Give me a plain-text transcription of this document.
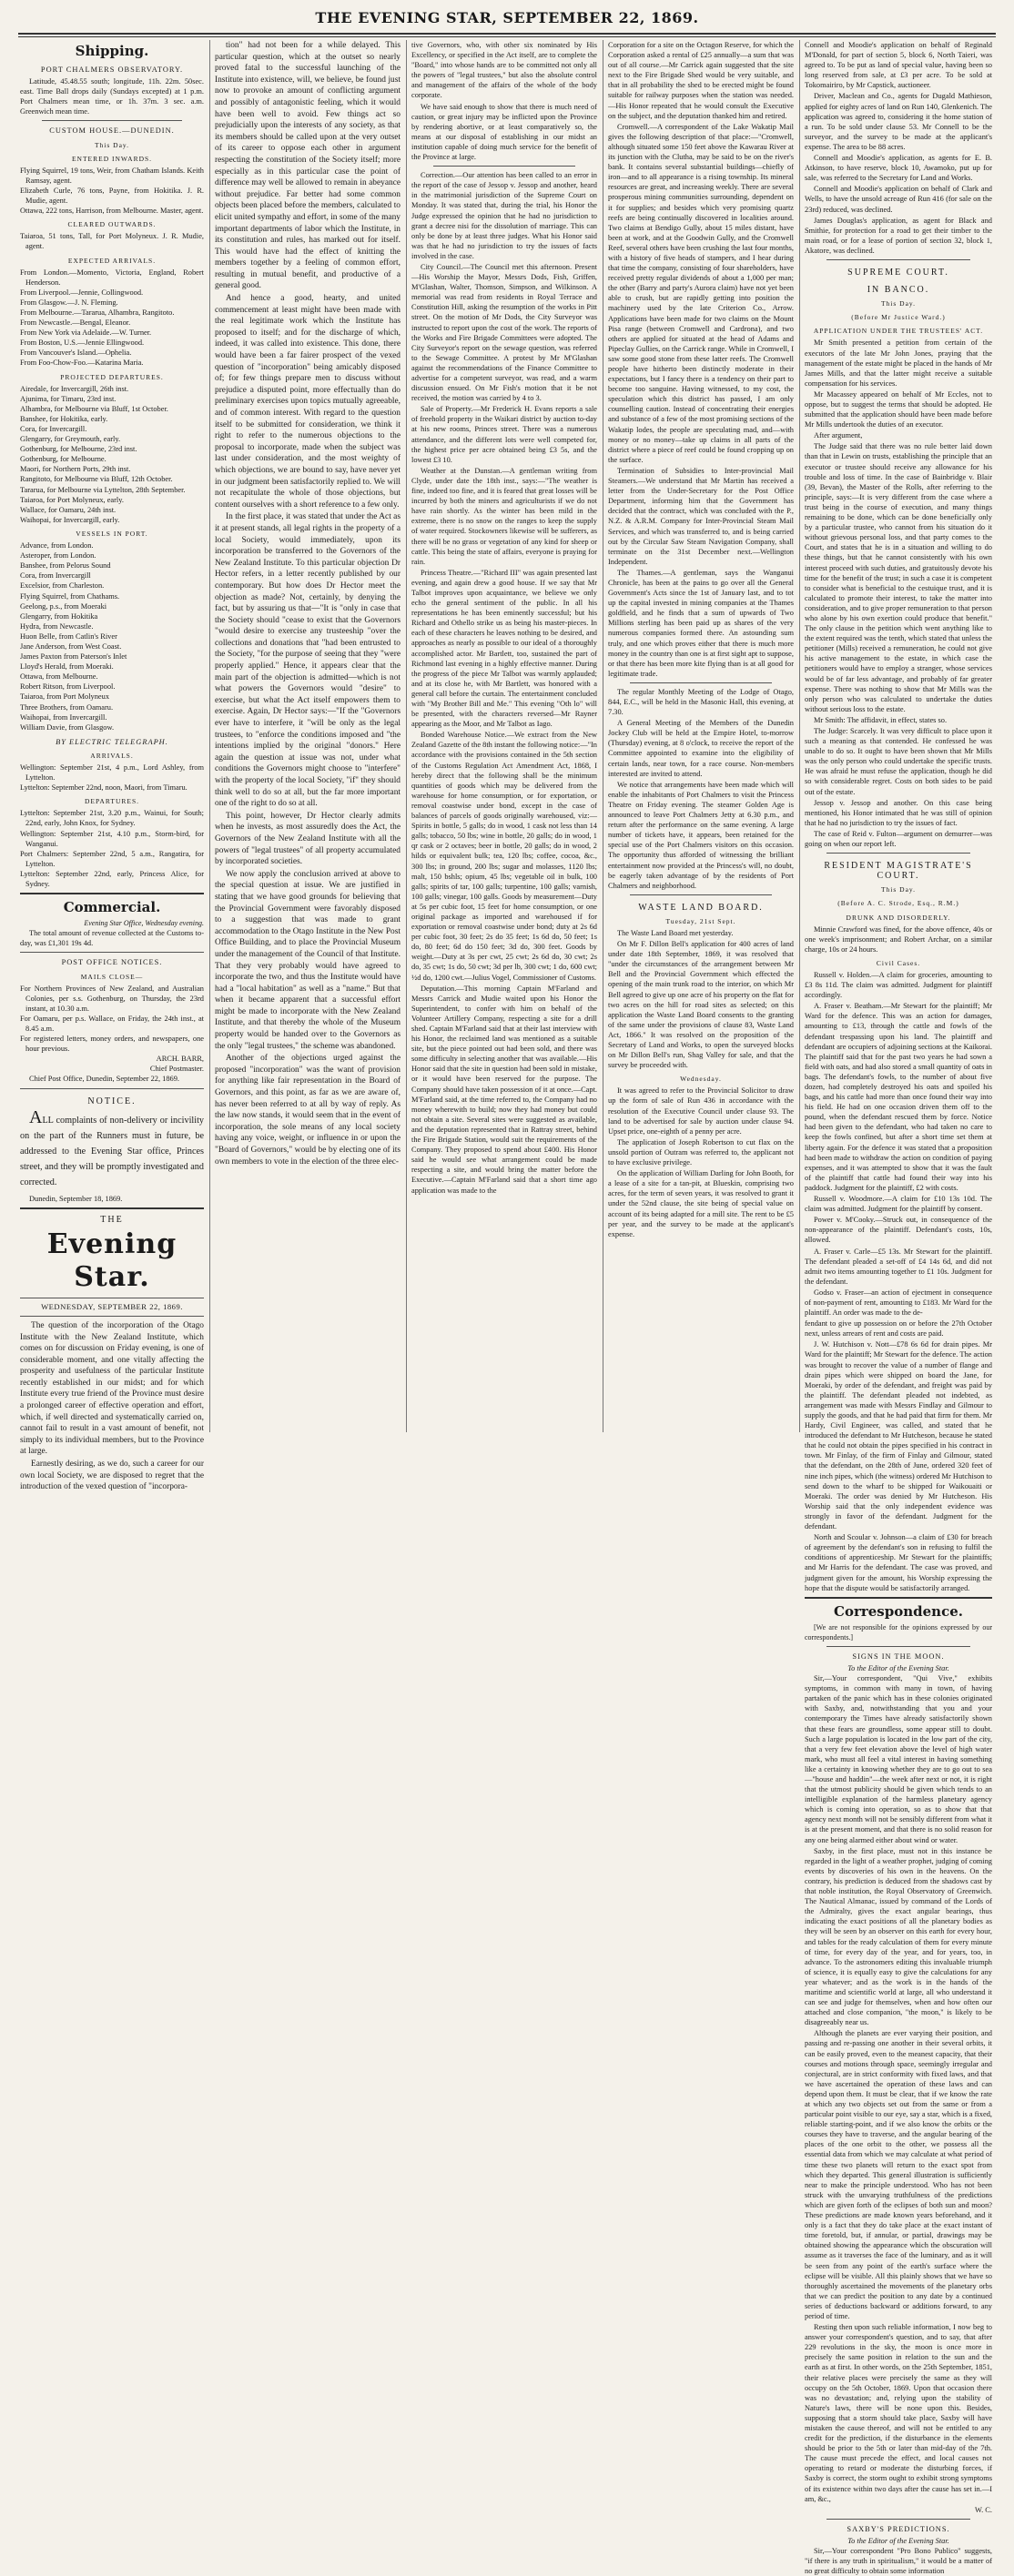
THE EVENING STAR, SEPTEMBER 22, 1869.
Shipping.
PORT CHALMERS OBSERVATORY.

Latitude, 45.48.55 south; longitude, 11h. 22m. 50sec. east. Time Ball drops daily (Sundays excepted) at 1 p.m. Port Chalmers mean time, or 1h. 37m. 3 sec. a.m. Greenwich mean time.

CUSTOM HOUSE.—DUNEDIN.
This Day.
ENTERED INWARDS.
Flying Squirrel, 19 tons, Weir, from Chatham Islands. Keith Ramsay, agent.
Elizabeth Curle, 76 tons, Payne, from Hokitika. J. R. Mudie, agent.
Ottawa, 222 tons, Harrison, from Melbourne. Master, agent.
CLEARED OUTWARDS.
Taiaroa, 51 tons, Tall, for Port Molyneux. J. R. Mudie, agent.
EXPECTED ARRIVALS.
From London.—Momento, Victoria, England, Robert Henderson.
From Liverpool.—Jennie, Collingwood.
From Glasgow.—J. N. Fleming.
From Melbourne.—Tararua, Alhambra, Rangitoto.
From Newcastle.—Bengal, Eleanor.
From New York via Adelaide.—W. Turner.
From Boston, U.S.—Jennie Ellingwood.
From Vancouver's Island.—Ophelia.
From Foo-Chow-Foo.—Katarina Maria.
PROJECTED DEPARTURES.
Airedale, for Invercargill, 26th inst.
Ajunima, for Timaru, 23rd inst.
Alhambra, for Melbourne via Bluff, 1st October.
Banshee, for Hokitika, early.
Cora, for Invercargill.
Glengarry, for Greymouth, early.
Gothenburg, for Melbourne, 23rd inst.
Gothenburg, for Melbourne.
Maori, for Northern Ports, 29th inst.
Rangitoto, for Melbourne via Bluff, 12th October.
Tararua, for Melbourne via Lyttelton, 28th September.
Taiaroa, for Port Molyneux, early.
Wallace, for Oamaru, 24th inst.
Waihopai, for Invercargill, early.
VESSELS IN PORT.
Advance, from London.
Asteroper, from London.
Banshee, from Pelorus Sound
Cora, from Invercargill
Excelsior, from Charleston.
Flying Squirrel, from Chathams.
Geelong, p.s., from Moeraki
Glengarry, from Hokitika
Hydra, from Newcastle.
Huon Belle, from Catlin's River
Jane Anderson, from West Coast.
James Paxton from Paterson's Inlet
Lloyd's Herald, from Moeraki.
Ottawa, from Melbourne.
Robert Ritson, from Liverpool.
Taiaroa, from Port Molyneux
Three Brothers, from Oamaru.
Waihopai, from Invercargill.
William Davie, from Glasgow.
BY ELECTRIC TELEGRAPH.
ARRIVALS.
Wellington: September 21st, 4 p.m., Lord Ashley, from Lyttelton.
Lyttelton: September 22nd, noon, Maori, from Timaru.
DEPARTURES.
Lyttelton: September 21st, 3.20 p.m., Wainui, for South; 22nd, early, John Knox, for Sydney.
Wellington: September 21st, 4.10 p.m., Storm-bird, for Wanganui.
Port Chalmers: September 22nd, 5 a.m., Rangatira, for Lyttelton.
Lyttelton: September 22nd, early, Princess Alice, for Sydney.
Commercial.
Evening Star Office, Wednesday evening.

The total amount of revenue collected at the Customs to-day, was £1,301 19s 4d.

POST OFFICE NOTICES.
MAILS CLOSE—
For Northern Provinces of New Zealand, and Australian Colonies, per s.s. Gothenburg, on Thursday, the 23rd instant, at 10.30 a.m.
For Oamaru, per p.s. Wallace, on Friday, the 24th inst., at 8.45 a.m.
For registered letters, money orders, and newspapers, one hour previous.
ARCH. BARR,
Chief Postmaster.

Chief Post Office, Dunedin, September 22, 1869.

NOTICE.
ALL complaints of non-delivery or incivility on the part of the Runners must in future, be addressed to the Evening Star office, Princes street, and they will be promptly investigated and corrected.

Dunedin, September 18, 1869.

THE
Evening Star.
WEDNESDAY, SEPTEMBER 22, 1869.

The question of the incorporation of the Otago Institute with the New Zealand Institute, which comes on for discussion on Friday evening, is one of considerable moment, and one vitally affecting the prosperity and usefulness of the particular Institute recently established in our midst; and for which Institute every true friend of the Province must desire a prolonged career of effective operation and effort, which, if well directed and systematically carried on, cannot fail to result in a vast amount of benefit, not simply to its individual members, but to the Province at large.

Earnestly desiring, as we do, such a career for our own local Society, we are disposed to regret that the introduction of the vexed question of "incorpora-

tion" had not been for a while delayed. This particular question, which at the outset so nearly proved fatal to the successful launching of the Institute into existence, will, we believe, be found just now to provoke an amount of conflicting argument and possibly of antagonistic feeling, which it would have been well to avoid. Few things act so prejudicially upon the interests of any society, as that its members should be called upon at the very outset of its career to oppose each other in argument respecting the constitution of the Society itself; more especially as in this particular case the point of difference may well be allowed to remain in abeyance without prejudice. Far better had some common objects been placed before the members, calculated to elicit united sympathy and effort, in some of the many important departments of labor which the Institute, in its constitution and rules, has marked out for itself. This would have had the effect of knitting the members together by a feeling of common effort, resulting in mutual benefit, and productive of a general good.

And hence a good, hearty, and united commencement at least might have been made with the real legitimate work which the Institute has proposed to itself; and for the discharge of which, indeed, it was called into existence. This done, there would have been a far fairer prospect of the vexed question of "incorporation" being amicably disposed of; for few things prepare men to discuss without prejudice a disputed point, more effectually than do preliminary exercises upon topics mutually agreeable, and of common interest. With regard to the question itself to be submitted for consideration, we think it right to refer to the numerous objections to the proposal to incorporate, made when the subject was last under consideration, and the most weighty of which objections, we are bound to say, have never yet in our judgment been satisfactorily replied to. We will not recapitulate the whole of those objections, but content ourselves with a short reference to a few only.

In the first place, it was stated that under the Act as it at present stands, all legal rights in the property of a local Society, would immediately, upon its incorporation be transferred to the Governors of the New Zealand Institute. To this particular objection Dr Hector refers, in a letter recently published by our contemporary. But how does Dr Hector meet the objection as made? Not, certainly, by denying the fact, but by assuring us that—"It is "only in case that the Society should "cease to exist that the Governors "would desire to exercise any trusteeship "over the collections and donations that "had been entrusted to the Society, "for the purpose of seeing that they "were properly applied." Hence, it appears clear that the main part of the objection is admitted—which is not what powers the Governors would "desire" to exercise, but what the Act itself empowers them to exercise. Again, Dr Hector says:—"If the "Governors ever have to interfere, it "will be only as the legal trustees, to "enforce the conditions imposed and "the intentions implied by the original "donors." Here again the question at issue was not, under what conditions the Governors might choose to "interfere" with the property of the local Society, "if" they should think well to do so at all, but the far more important one of the right to do so at all.

This point, however, Dr Hector clearly admits when he invests, as most assuredly does the Act, the Governors of the New Zealand Institute with all the powers of "legal trustees" of all property accumulated by incorporated societies.

We now apply the conclusion arrived at above to the special question at issue. We are justified in stating that we have good grounds for believing that the Provincial Government were favorably disposed to a suggestion that was made to grant accommodation to the Otago Institute in the New Post Office Building, and to place the Provincial Museum under the management of the Council of that Institute. That they very probably would have agreed to incorporate the two, and thus the Institute would have had a "local habitation" as well as a "name." But that when it became apparent that a successful effort might be made to incorporate with the New Zealand Institute, and that thereby the whole of the Museum property would be handed over to the Governors as the only "legal trustees," the scheme was abandoned.

Another of the objections urged against the proposed "incorporation" was the want of provision for anything like fair representation in the Board of Governors, and this point, as far as we are aware of, has never been referred to at all by way of reply. As the law now stands, it would seem that in the event of incorporation, the sole means of any local society having any voice, weight, or influence in or upon the "Board of Governors," would be by electing one of its own members to vote in the election of the three elec-

tive Governors, who, with other six nominated by His Excellency, or specified in the Act itself, are to complete the "Board," into whose hands are to be committed not only all the powers of "legal trustees," but also the absolute control and management of the affairs of the whole of the body corporate.

We have said enough to show that there is much need of caution, or great injury may be inflicted upon the Province by rendering abortive, or at least comparatively so, the means at our disposal of establishing in our midst an institution capable of doing much service for the benefit of the Province at large.

Correction.—Our attention has been called to an error in the report of the case of Jessop v. Jessop and another, heard in the matrimonial jurisdiction of the Supreme Court on Monday. It was stated that, during the trial, his Honor the Judge expressed the opinion that he had no jurisdiction to grant a decree nisi for the dissolution of marriage. This can only be done by at least three judges. What his Honor said was that he had no jurisdiction to try the issues of facts involved in the case.

City Council.—The Council met this afternoon. Present—His Worship the Mayor, Messrs Dods, Fish, Griffen, M'Glashan, Walter, Thomson, Simpson, and Wilkinson. A memorial was read from residents in Royal Terrace and Constitution Hill, asking the resumption of the works in Pitt street. On the motion of Mr Dods, the City Surveyor was instructed to report upon the cost of the work. The reports of the Works and Fire Brigade Committees were adopted. The City Surveyor's report on the sewage question, was referred to the Sewage Committee. A protest by Mr M'Glashan against the recommendations of the Finance Committee to advertise for a competent surveyor, was read, and a warm discussion ensued. On Mr Fish's motion that it be not received, the motion was carried by 4 to 3.

Sale of Property.—Mr Frederick H. Evans reports a sale of freehold property in the Waikari district by auction to-day at his new rooms, Princes street. There was a numerous attendance, and the different lots were well competed for, the highest price per acre obtained being £3 5s, and the lowest £3 10.

Weather at the Dunstan.—A gentleman writing from Clyde, under date the 18th inst., says:—"The weather is fine, indeed too fine, and it is feared that great losses will be incurred by both the miners and agriculturists if we do not have rain shortly. As the winter has been mild in the extreme, there is no snow on the ranges to keep the supply of water required. Stockowners likewise will be sufferers, as there will be no grass or vegetation of any kind for sheep or cattle. This being the state of affairs, everyone is praying for rain.

Princess Theatre.—"Richard III" was again presented last evening, and again drew a good house. If we say that Mr Talbot improves upon acquaintance, we believe we only echo the general sentiment of the public. In all his representations he has been eminently successful; but his Richard and Othello strike us as being his master-pieces. In each of these characters he leaves nothing to be desired, and approaches as nearly as possible to our ideal of a thoroughly accomplished actor. Mr Bartlett, too, sustained the part of Richmond last evening in a highly effective manner. During the progress of the piece Mr Talbot was warmly applauded; and at its close he, with Mr Bartlett, was honored with a general call before the curtain. The entertainment concluded with "My Brother Bill and Me." This evening "Oth lo" will be presented, with the characters reversed—Mr Rayner appearing as the Moor, and Mr Talbot as Iago.

Bonded Warehouse Notice.—We extract from the New Zealand Gazette of the 8th instant the following notice:—"In accordance with the provisions contained in the 5th section of the Customs Regulation Act Amendment Act, 1868, I hereby direct that the following shall be the minimum quantities of goods which may be delivered from the warehouse for home consumption, or for exportation, or removal coastwise under bond, except in the case of balances of parcels of goods originally warehoused, viz:—Spirits in bottle, 5 galls; do in wood, 1 cask not less than 14 galls; tobacco, 50 lbs; wine in bottle, 20 galls; do in wood, 1 qr cask or 2 octaves; beer in bottle, 20 galls; do in wood, 2 hilds or equivalent bulk; tea, 120 lbs; coffee, cocoa, &c., 300 lbs; in ground, 200 lbs; sugar and molasses, 1120 lbs; malt, 150 bshls; opium, 45 lbs; vegetable oil in bulk, 100 galls; spirits of tar, 100 galls; turpentine, 100 galls; varnish, 100 galls; vinegar, 100 galls. Goods by measurement—Duty at 5s per cubic foot, 15 feet for home consumption, or one original package as imported and warehoused if for exportation or removal coastwise under bond; duty at 2s 6d per cubic foot, 30 feet; 2s do 35 feet; 1s 6d do, 50 feet; 1s do, 80 feet; 6d do 150 feet; 3d do, 300 feet. Goods by weight.—Duty at 3s per cwt, 25 cwt; 2s 6d do, 30 cwt; 2s do, 35 cwt; 1s do, 50 cwt; 3d per lb, 300 cwt; 1 do, 600 cwt; ½d do, 1200 cwt.—Julius Vogel, Commissioner of Customs.

Deputation.—This morning Captain M'Farland and Messrs Carrick and Mudie waited upon his Honor the Superintendent, to confer with him on behalf of the Volunteer Artillery Company, respecting a site for a drill shed. Captain M'Farland said that at their last interview with his Honor, the reclaimed land was mentioned as a suitable site, but the piece pointed out had been sold, and there was some difficulty in selecting another that was available.—His Honor said that the site in question had been sold in mistake, or it would have been reserved for the purpose. The Company should have taken possession of it at once.—Capt. M'Farland said, at the time referred to, the Company had no money wherewith to build; now they had money but could not obtain a site. Several sites were suggested as available, and the deputation represented that in Rattray street, behind the Fire Brigade Station, would suit the requirements of the Company. They proposed to spend about £400. His Honor said he would see what arrangement could be made respecting a site, and would bring the matter before the Executive.—Captain M'Farland said that a short time ago application was made to the

Corporation for a site on the Octagon Reserve, for which the Corporation asked a rental of £25 annually—a sum that was out of all course.—Mr Carrick again suggested that the site next to the Fire Brigade Shed would be very suitable, and that in all probability the shed to be erected might be found suitable for railway purposes when the station was needed.—His Honor repeated that he would consult the Executive on the subject, and the deputation thanked him and retired.

Cromwell.—A correspondent of the Lake Wakatip Mail gives the following description of that place:—"Cromwell, although situated some 150 feet above the Kawarau River at its junction with the Clutha, may be said to be on the river's bank. It contains several substantial buildings—chiefly of iron—and to all appearance is a rising township. Its mineral resources are great, and increasing weekly. There are several prosperous mining communities surrounding, dependent on it for supplies; and besides which very promising quartz reefs are being continually discovered in localities around. Two claims at Bendigo Gully, about 15 miles distant, have been at work, and at the Goodwin Gully, and the Cromwell Reef, several others have been crushing the last four months, with a history of five heads of stampers, and I hear during that time the company, consisting of four shareholders, have received pretty regular dividends of about a 1,000 per man; the other (Barry and party's Aurora claim) have not yet been able to crush, but are rapidly getting into position the machinery used by the late Criterion Co., Arrow. Applications have been made for two claims on the Mount Pisa range (between Cromwell and Cardrona), and two others are applied for situated at the head of Adams and Pipeclay Gullies, on the Carrick range. While in Cromwell, I saw some good stone from these latter reefs. The Cromwell people have hitherto been distinctly moderate in their expectations, but I fancy there is a tendency on their part to become too sanguine. Having witnessed, to my cost, the speculation which this district has passed, I am only counselling caution. Instead of concentrating their energies and substance of a few of the most promising sections of the Wakatip lodes, the people are speculating mad, and—with money or no money—take up claims in all parts of the district where a piece of reef could be found cropping up on the surface.

Termination of Subsidies to Inter-provincial Mail Steamers.—We understand that Mr Martin has received a letter from the Under-Secretary for the Post Office Department, informing him that the Government has decided that the contract, which was concluded with the P., N.Z. & A.R.M. Company for Inter-Provincial Steam Mail Services, and which was transferred to, and is being carried out by the Circular Saw Steam Navigation Company, shall terminate on the 31st December next.—Wellington Independent.

The Thames.—A gentleman, says the Wanganui Chronicle, has been at the pains to go over all the General Government's Acts since the 1st of January last, and to tot up the capital invested in mining companies at the Thames goldfield, and he finds that a sum of upwards of Two Millions sterling has been paid up as shares of the very numerous companies formed there. An astounding sum truly, and one which proves either that there is much more money in the country than one is at first sight apt to suppose, or that there has been more kite flying than is at all good for legitimate trade.

The regular Monthly Meeting of the Lodge of Otago, 844, E.C., will be held in the Masonic Hall, this evening, at 7.30.

A General Meeting of the Members of the Dunedin Jockey Club will be held at the Empire Hotel, to-morrow (Thursday) evening, at 8 o'clock, to receive the report of the Committee appointed to examine into the eligibility of certain lands, near town, for a race course. Non-members interested are invited to attend.

We notice that arrangements have been made which will enable the inhabitants of Port Chalmers to visit the Princess Theatre on Friday evening. The steamer Golden Age is announced to leave Port Chalmers Jetty at 6.30 p.m., and return after the performance on the same evening. A large number of tickets have, it appears, been retained for the special use of the Port Chalmers visitors on this occasion. The opportunity thus afforded of witnessing the brilliant entertainment now provided at the Princess's will, no doubt, be eagerly taken advantage of by the residents of Port Chalmers and neighborhood.

WASTE LAND BOARD.
Tuesday, 21st Sept.

The Waste Land Board met yesterday.

On Mr F. Dillon Bell's application for 400 acres of land under date 18th September, 1869, it was resolved that "under the circumstances of the arrangement between Mr Bell and the Provincial Government which effected the opening of the main trunk road to the interior, on which Mr Bell agreed to give up one acre of his property on the flat for two acres on the hill for road sites as selected; on this application the Waste Land Board consents to the granting of the same under the provisions of clause 83, Waste Land Act, 1866." It was resolved on the proposition of the Secretary of Land and Works, to open the surveyed blocks on Mr Dillon Bell's run, Shag Valley for sale, and that the survey be proceeded with.

Wednesday.

It was agreed to refer to the Provincial Solicitor to draw up the form of sale of Run 436 in accordance with the resolution of the Executive Council under clause 93. The land to be advertised for sale by auction under clause 94. Upset price, one-eighth of a penny per acre.

The application of Joseph Robertson to cut flax on the unsold portion of Outram was referred to, the applicant not to have exclusive privilege.

On the application of William Darling for John Booth, for a lease of a site for a tan-pit, at Blueskin, comprising two acres, for the term of seven years, it was resolved to grant it under the 52nd clause, the site being of special value on account of its being adapted for a mill site. The rent to be £5 per year, and the survey to be made at the applicant's expense.

Connell and Moodie's application on behalf of Reginald M'Donald, for part of section 5, block 6, North Taieri, was agreed to. To be put as land of special value, having been so long reserved from sale, at £3 per acre. To be sold at Tokomairiro, by Mr Capstick, auctioneer.

Driver, Maclean and Co., agents for Dugald Mathieson, applied for eighty acres of land on Run 140, Glenkenich. The application was agreed to, considering it the home station of a run. To be sold under clause 53. Mr Connell to be the surveyor, and the survey to be made at the applicant's expense. The area to be 88 acres.

Connell and Moodie's application, as agents for E. B. Atkinson, to have reserve, block 10, Awamoko, put up for sale, was referred to the Secretary for Land and Works.

Connell and Moodie's application on behalf of Clark and Wells, to have the unsold acreage of Run 416 (for sale on the 23rd) reduced, was declined.

James Douglas's application, as agent for Black and Smithie, for protection for a road to get their timber to the main road, or for a lease of portion of section 32, block 1, Akatore, was declined.

SUPREME COURT.
IN BANCO.
This Day.
(Before Mr Justice Ward.)
APPLICATION UNDER THE TRUSTEES' ACT.

Mr Smith presented a petition from certain of the executors of the late Mr John Jones, praying that the management of the estate might be placed in the hands of Mr James Mills, and that the latter might receive a suitable compensation for his services.

Mr Macassey appeared on behalf of Mr Eccles, not to oppose, but to suggest the terms that should be adopted. He submitted that the application should have been made before Mr Mills undertook the duties of an executor.

After argument,

The Judge said that there was no rule better laid down than that in Lewin on trusts, establishing the principle that an executor or trustee should receive any allowance for his trouble and loss of time. In the case of Bainbridge v. Blair (39, Bevan), the Master of the Rolls, after referring to the principle, says:—It is very different from the case where a trust being in the course of execution, and many things remaining to be done, which can be done beneficially only by a particular trustee, who cannot from his situation do it without grievous personal loss, and that party comes to the Court, and states that he is in a situation and willing to do these things, but that he cannot consistently with his own interest proceed with such duties, and gratuitously devote his time for the benefit of the trust; in such a case it is competent to consider what is beneficial to the cestuique trust, and it is calculated to promote their interest, to take the matter into consideration, and to give proper remuneration to that person who alone by his own exertion could produce that benefit." The only clause in the petition which went anything like to the extent required was the tenth, which stated that unless the petitioner (Mills) received a remuneration, he could not give his active management to the estate, in which case the petitioners would have to employ a stranger, whose services would be of far less advantage, and probably of far greater expense. There was nothing to show that Mr Mills was the only person who was calculated to undertake the duties without serious loss to the estate.

Mr Smith: The affidavit, in effect, states so.

The Judge: Scarcely. It was very difficult to place upon it such a meaning as that contended. He confessed he was unable to do so. It ought to have been shown that Mr Mills was the only person who could undertake the specific trusts. He was afraid he must refuse the application, though he did so with considerable regret. Costs on both sides to be paid out of the estate.

Jessop v. Jessop and another. On this case being mentioned, his Honor intimated that he was still of opinion that he had no jurisdiction to try the issues of fact.

The case of Reid v. Fulton—argument on demurrer—was going on when our report left.

RESIDENT MAGISTRATE'S COURT.
This Day.
(Before A. C. Strode, Esq., R.M.)
DRUNK AND DISORDERLY.

Minnie Crawford was fined, for the above offence, 40s or one week's imprisonment; and Robert Archar, on a similar charge, 10s or 24 hours.

Civil Cases.

Russell v. Holden.—A claim for groceries, amounting to £3 8s 11d. The claim was admitted. Judgment for plaintiff accordingly.

A. Fraser v. Beatham.—Mr Stewart for the plaintiff; Mr Ward for the defence. This was an action for damages, amounting to £13, through the cattle and fowls of the defendant trespassing upon his land. The plaintiff and defendant are occupiers of adjoining sections at the Kaikorai. The plaintiff said that for the past two years he had sown a field with oats, and had also stored a small quantity of oats in bags. The defendant's fowls, to the number of about five dozen, had completely destroyed his oats and spoiled his bags, and his cattle had more than once found their way into his field. He had on one occasion driven them off to the pound, when the defendant rescued them by force. Notice had been given to the defendant, who had taken no care to keep the fowls confined, but after a short time set them at liberty again. For the defence it was stated that a proposition had been made to withdraw the action on condition of paying expenses, and it was attempted to show that it was the fault of the plaintiff that cattle had found their way into his paddock. Judgment for the plaintiff, £2 with costs.

Russell v. Woodmore.—A claim for £10 13s 10d. The claim was admitted. Judgment for the plaintiff by consent.

Power v. M'Cooky.—Struck out, in consequence of the non-appearance of the plaintiff. Defendant's costs, 10s, allowed.

A. Fraser v. Carle—£5 13s. Mr Stewart for the plaintiff. The defendant pleaded a set-off of £4 14s 6d, and did not admit two items amounting together to £1 10s. Judgment for the defendant.

Godso v. Fraser—an action of ejectment in consequence of non-payment of rent, amounting to £183. Mr Ward for the plaintiff. An order was made to the de-

fendant to give up possession on or before the 27th October next, unless arrears of rent and costs are paid.

J. W. Hutchison v. Nott—£78 6s 6d for drain pipes. Mr Ward for the plaintiff; Mr Stewart for the defence. The action was brought to recover the value of a number of flange and drain pipes which were shipped on board the Jane, for Moeraki, by order of the defendant, and freight was paid by the plaintiff. The defendant pleaded not indebted, as arrangement was made with Messrs Findlay and Gilmour to supply the goods, and that he had paid that firm for them. Mr Hardy, Civil Engineer, was called, and stated that he introduced the defendant to Mr Hutcheson, because he stated that he could not obtain the pipes specified in his contract in town. Mr Finlay, of the firm of Finlay and Gilmour, stated that the defendant, on the 28th of June, ordered 320 feet of nine inch pipes, which (the witness) ordered Mr Hutchison to send down to the wharf to be shipped for Waikouaiti or Moeraki. The order was denied by Mr Hutcheson. His Worship said that the only independent evidence was strongly in favor of the defendant. Judgment for the defendant.

North and Scoular v. Johnson—a claim of £30 for breach of agreement by the defendant's son in refusing to fulfil the conditions of apprenticeship. Mr Stewart for the plaintiffs; and Mr Harris for the defendant. The case was proved, and judgment given for the amount, his Worship expressing the hope that the dispute would be satisfactorily arranged.

Correspondence.

[We are not responsible for the opinions expressed by our correspondents.]

SIGNS IN THE MOON.
To the Editor of the Evening Star.

Sir,—Your correspondent, "Qui Vive," exhibits symptoms, in common with many in town, of having partaken of the panic which has in these colonies originated with Saxby, and, notwithstanding that you and your contemporary the Times have already satisfactorily shown that these fears are groundless, some appear still to doubt. Such a large population is located in the low part of the city, that a very few feet elevation above the level of high water mark, who must all feel a vital interest in having something like a certainty in knowing whether they are to go out to sea—"house and haddin"—the week after next or not, it is right that the utmost publicity should be given which tends to an intelligible explanation of the harmless planetary agency which is coming into operation, so as to show that that agency next month will not be sensibly different from what it is at the present moment, and that there is no solid reason for any one being alarmed either about wind or water.

Saxby, in the first place, must not in this instance be regarded in the light of a weather prophet, judging of coming events by discoveries of his own in the heavens. On the contrary, his prediction is deduced from the shadows cast by that noble institution, the Royal Observatory of Greenwich. The Nautical Almanac, issued by command of the Lords of the Admiralty, gives the exact angular bearings, thus indicating the exact positions of all the planetary bodies as they will be seen by an observer on this earth for every hour, and tables for the ready calculation of them for every minute of time, for every day of the year, and for years, too, in advance. To the astronomers editing this invaluable triumph of science, it is equally easy to give the calculations for any year whatever; and as the work is in the hands of the maritime and scientific world at large, all who understand it can see and judge for themselves, when and how often our attached and close companion, "the moon," is likely to be disagreeably near us.

Although the planets are ever varying their position, and passing and re-passing one another in their several orbits, it can be easily proved, even to the meanest capacity, that their courses and motions through space, seemingly irregular and conjectural, are in strict conformity with fixed laws, and that we have ascertained the operation of these laws and can depend upon them. It must be clear, that if we know the rate at which any two objects set out from the same or from a particular point visible to our eye, say a star, which is a fixed, reliable starting-point, and if we also know the orbits or the courses they have to traverse, and the angular bearing of the places of the one orbit to the other, we possess all the essential data from which we may calculate at what period of time these two planets will return to the exact spot from which they departed. This general illustration is sufficiently near to make the principle understood. Who has not been struck with the unvarying truthfulness of the predictions which are given forth of the eclipses of both sun and moon? These predictions are made known years beforehand, and it only is a fact that they do take place at the exact instant of time foretold, but, if annular, or partial, drawings may be obtained showing the appearance which the obscuration will assume as it traverses the face of the luminary, and as it will be seen from any point of the earth's surface where the eclipse will be visible. All this plainly shows that we have so thoroughly ascertained the movements of the planetary orbs that we can predict the position to any date by a continued series of deductions backward or additions forward, to any period of time.

Resting then upon such reliable information, I now beg to answer your correspondent's question, and to say, that after 229 revolutions in the sky, the moon is once more in precisely the same position in relation to the sun and the earth as at first. In other words, on the 25th September, 1851, their relative places were precisely the same as they will occupy on the 5th October, 1869. Upon that occasion there was no devastation; and, relying upon the stability of Nature's laws, there will be none upon this. Besides, supposing that a storm should take place, Saxby will have mistaken the cause thereof, and will not be entitled to any credit for the prediction, if the disturbance in the elements should be prior to the 5th or later than mid-day of the 7th. The cause must precede the effect, and local causes not operating to retard or moderate the disturbing forces, if Saxby is correct, the storm ought to exhibit strong symptoms of its existence within two days after the cause has set in.—I am, &c.,

W. C.
SAXBY'S PREDICTIONS.
To the Editor of the Evening Star.

Sir,—Your correspondent "Pro Bono Publico" suggests, "if there is any truth in spiritualism," it would be a matter of no great difficulty to obtain some information
